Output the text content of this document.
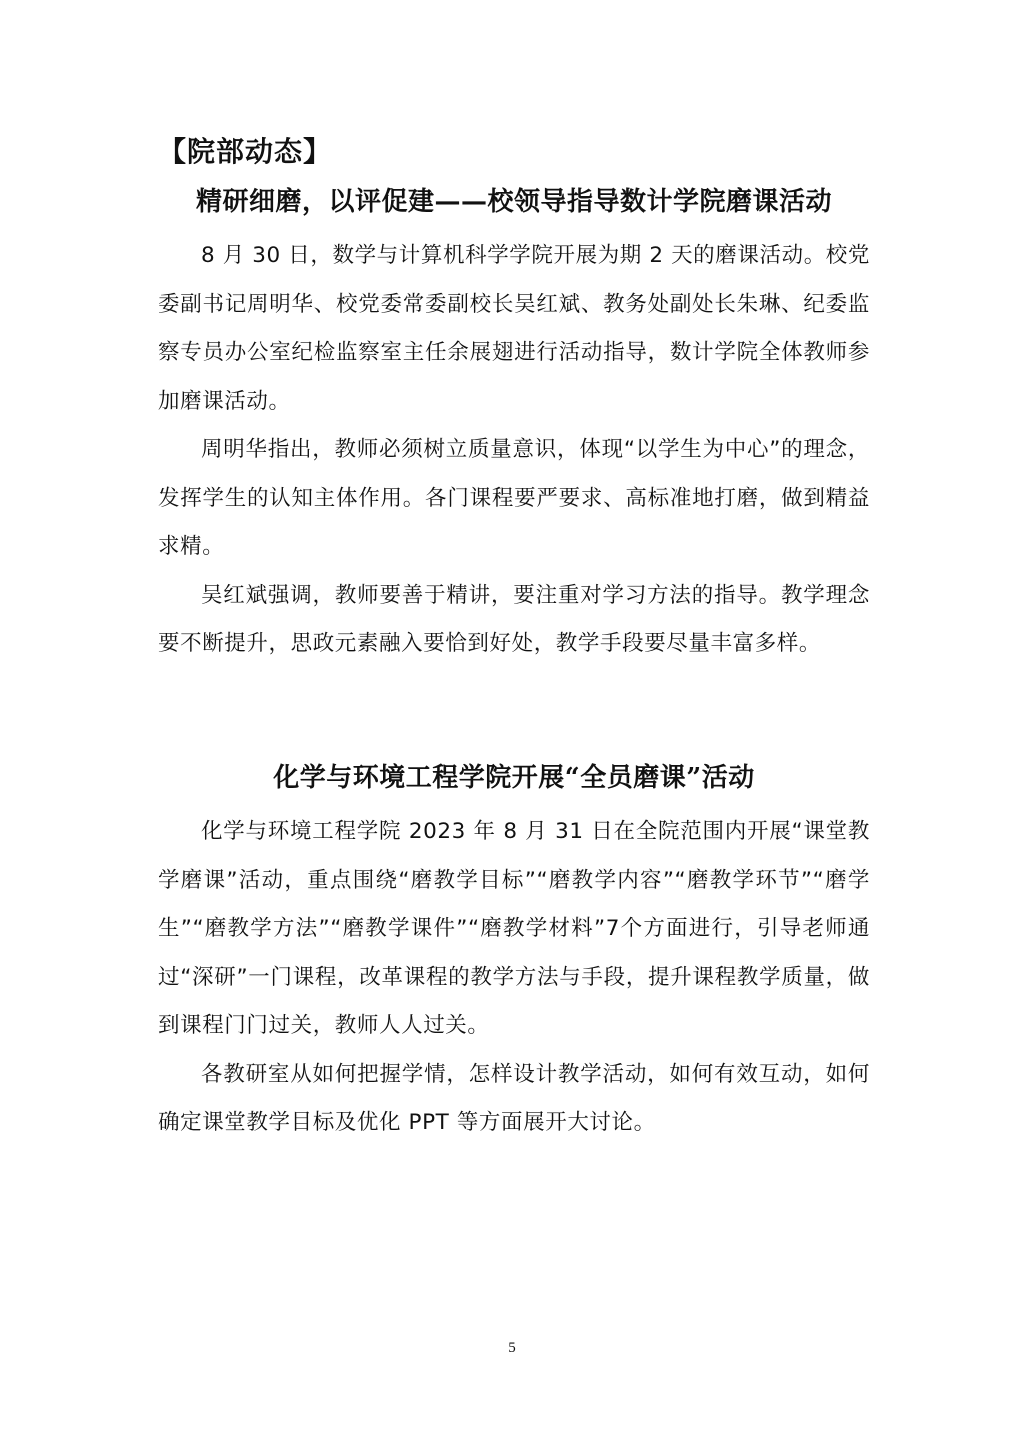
【院部动态】
精研细磨，以评促建——校领导指导数计学院磨课活动

8 月 30 日，数学与计算机科学学院开展为期 2 天的磨课活动。校党委副书记周明华、校党委常委副校长吴红斌、教务处副处长朱琳、纪委监察专员办公室纪检监察室主任余展翅进行活动指导，数计学院全体教师参加磨课活动。

周明华指出，教师必须树立质量意识，体现“以学生为中心”的理念，发挥学生的认知主体作用。各门课程要严要求、高标准地打磨，做到精益求精。

吴红斌强调，教师要善于精讲，要注重对学习方法的指导。教学理念要不断提升，思政元素融入要恰到好处，教学手段要尽量丰富多样。

化学与环境工程学院开展“全员磨课”活动

化学与环境工程学院 2023 年 8 月 31 日在全院范围内开展“课堂教学磨课”活动，重点围绕“磨教学目标”“磨教学内容”“磨教学环节”“磨学生”“磨教学方法”“磨教学课件”“磨教学材料”7个方面进行，引导老师通过“深研”一门课程，改革课程的教学方法与手段，提升课程教学质量，做到课程门门过关，教师人人过关。

各教研室从如何把握学情，怎样设计教学活动，如何有效互动，如何确定课堂教学目标及优化 PPT 等方面展开大讨论。

5
